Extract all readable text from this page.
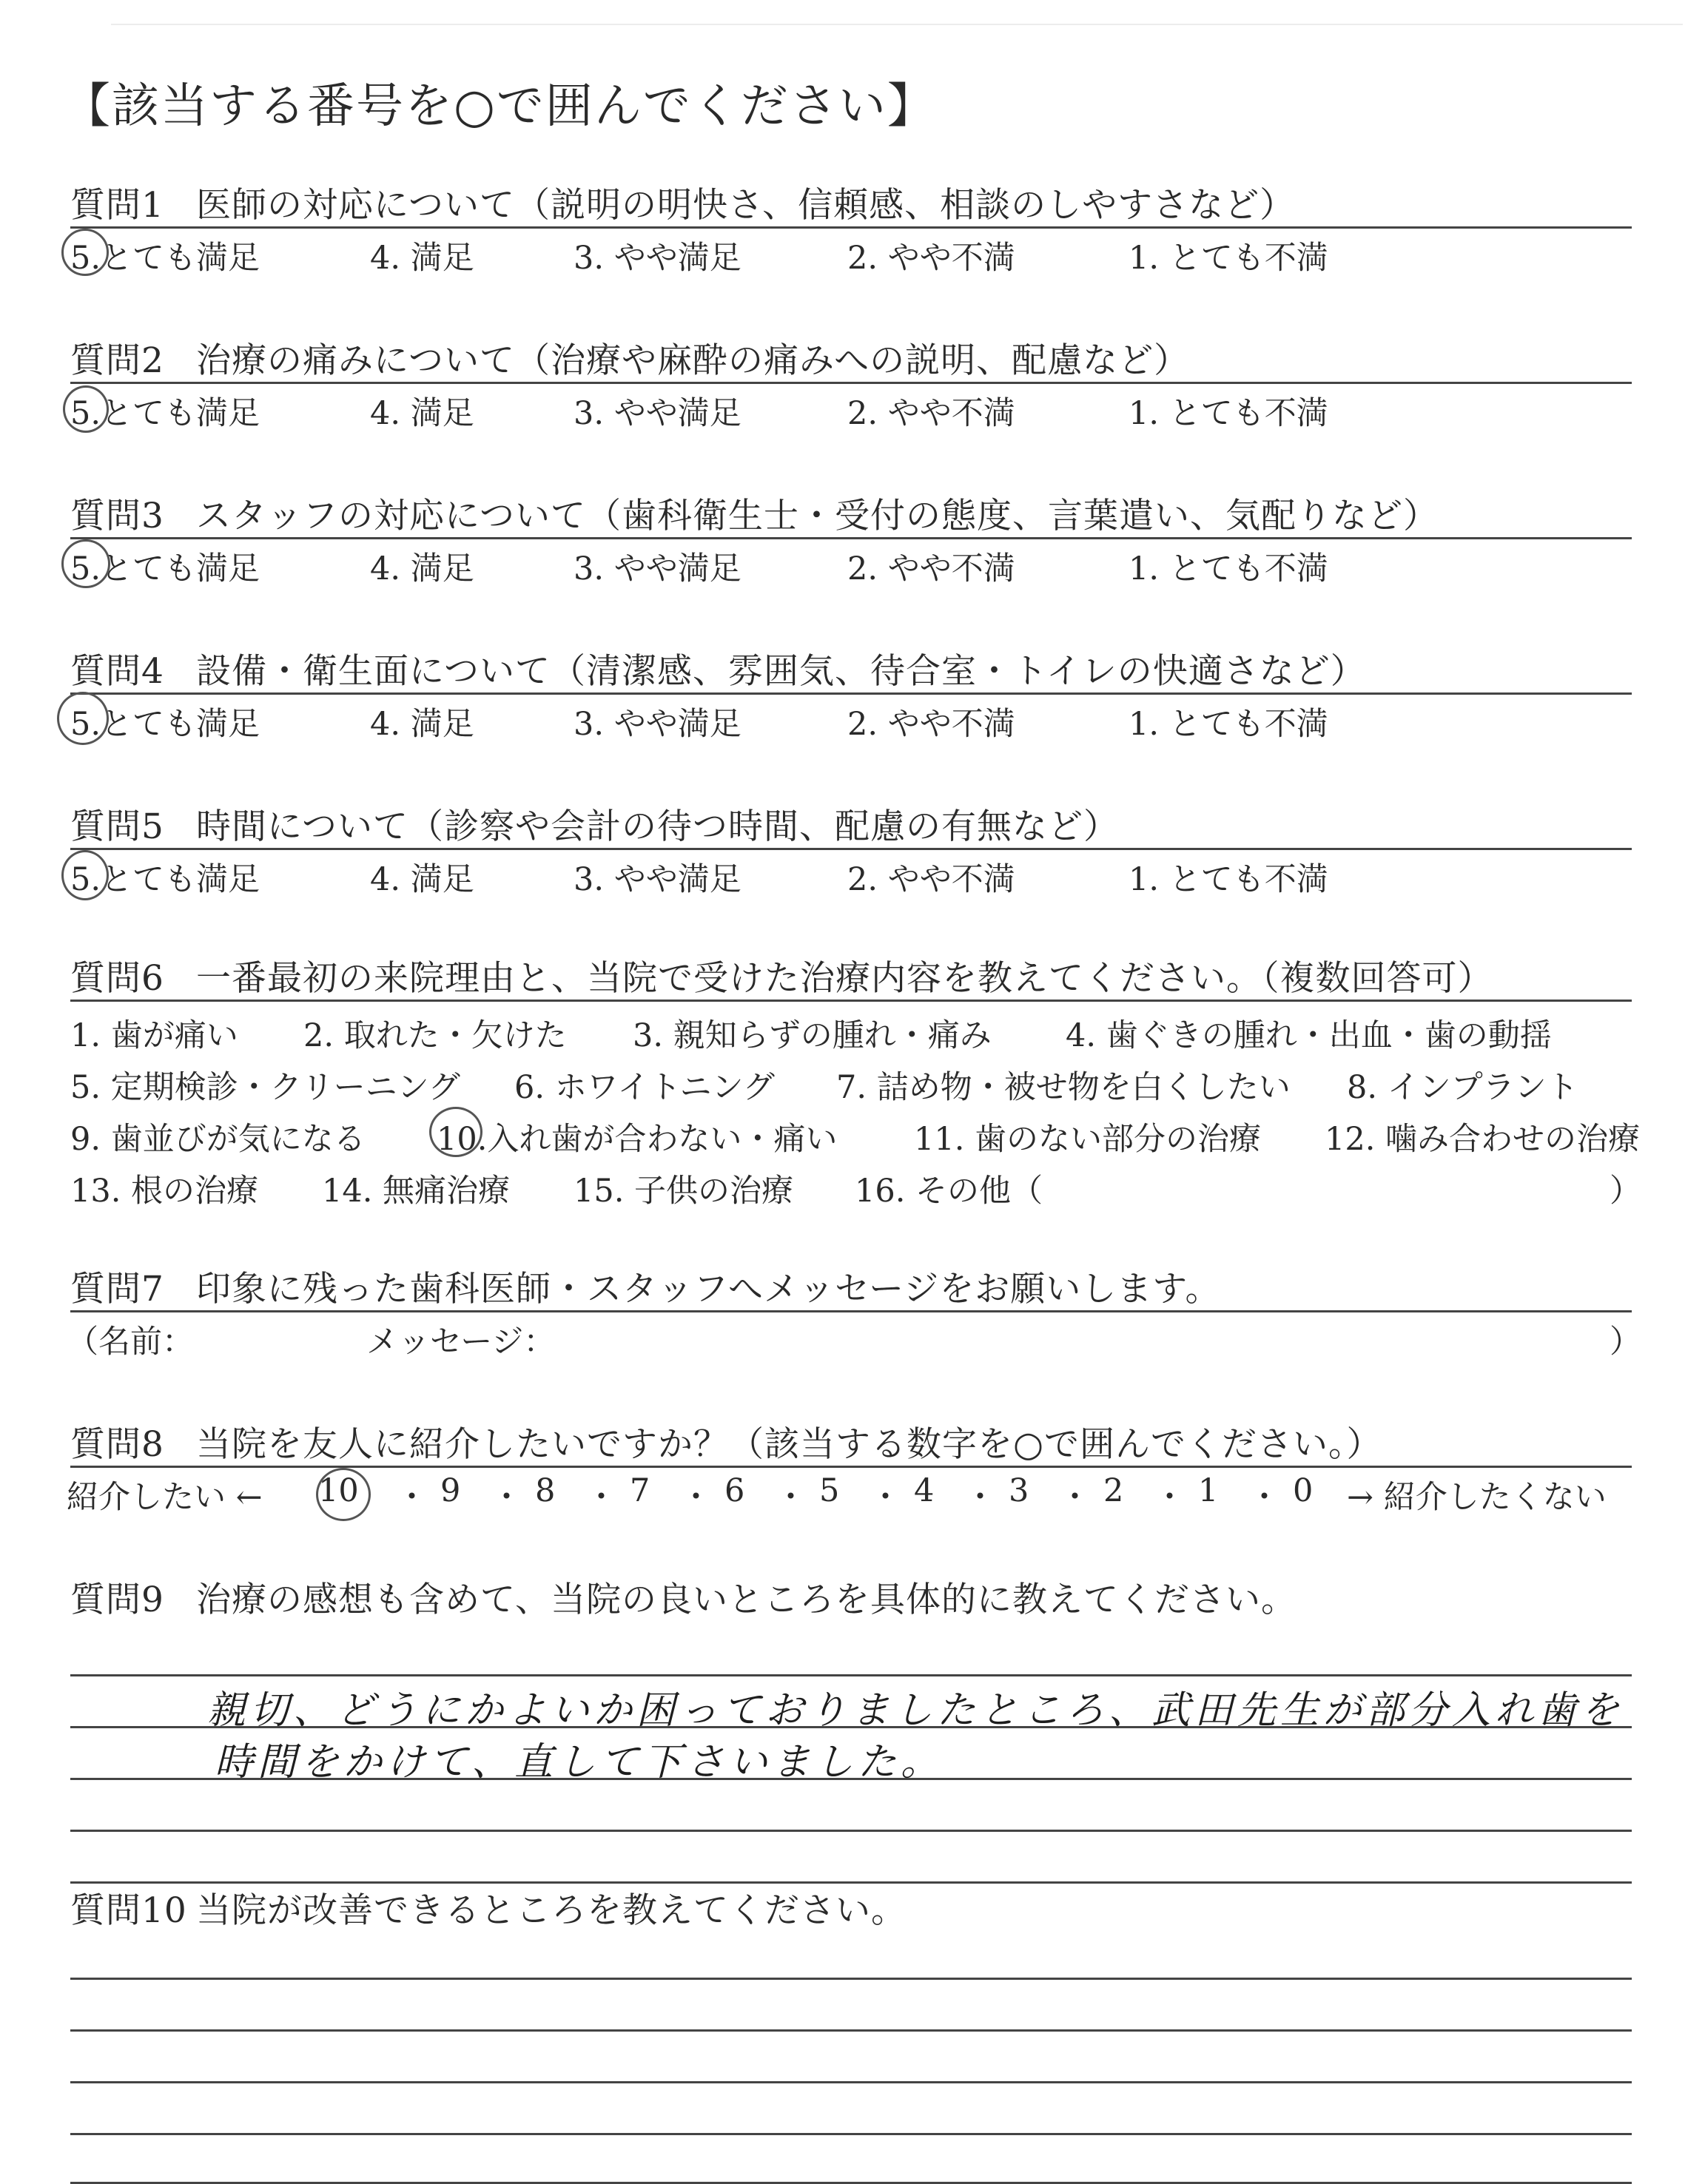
【該当する番号を○で囲んでください】
質問1 医師の対応について（説明の明快さ、信頼感、相談のしやすさなど）
5.とても満足	4. 満足	3. やや満足	2. やや不満	1. とても不満
質問2 治療の痛みについて（治療や麻酔の痛みへの説明、配慮など）
5.とても満足	4. 満足	3. やや満足	2. やや不満	1. とても不満
質問3 スタッフの対応について（歯科衛生士・受付の態度、言葉遣い、気配りなど）
5.とても満足	4. 満足	3. やや満足	2. やや不満	1. とても不満
質問4 設備・衛生面について（清潔感、雰囲気、待合室・トイレの快適さなど）
5.とても満足	4. 満足	3. やや満足	2. やや不満	1. とても不満
質問5 時間について（診察や会計の待つ時間、配慮の有無など）
5.とても満足	4. 満足	3. やや満足	2. やや不満	1. とても不満
質問6 一番最初の来院理由と、当院で受けた治療内容を教えてください。（複数回答可）
1. 歯が痛い 2. 取れた・欠けた 3. 親知らずの腫れ・痛み 4. 歯ぐきの腫れ・出血・歯の動揺
5. 定期検診・クリーニング 6. ホワイトニング 7. 詰め物・被せ物を白くしたい 8. インプラント
9. 歯並びが気になる 10.入れ歯が合わない・痛い 11. 歯のない部分の治療 12. 噛み合わせの治療
13. 根の治療 14. 無痛治療 15. 子供の治療 16. その他（	）
質問7 印象に残った歯科医師・スタッフへメッセージをお願いします。
（名前：	メッセージ：	）
質問8 当院を友人に紹介したいですか？（該当する数字を○で囲んでください。）
紹介したい ← 10 ・ 9 ・ 8 ・ 7 ・ 6 ・ 5 ・ 4 ・ 3 ・ 2 ・ 1 ・ 0 → 紹介したくない
質問9 治療の感想も含めて、当院の良いところを具体的に教えてください。
親切、どうにかよいか困っておりましたところ、武田先生が部分入れ歯を
時間をかけて、直して下さいました。
質問10 当院が改善できるところを教えてください。
